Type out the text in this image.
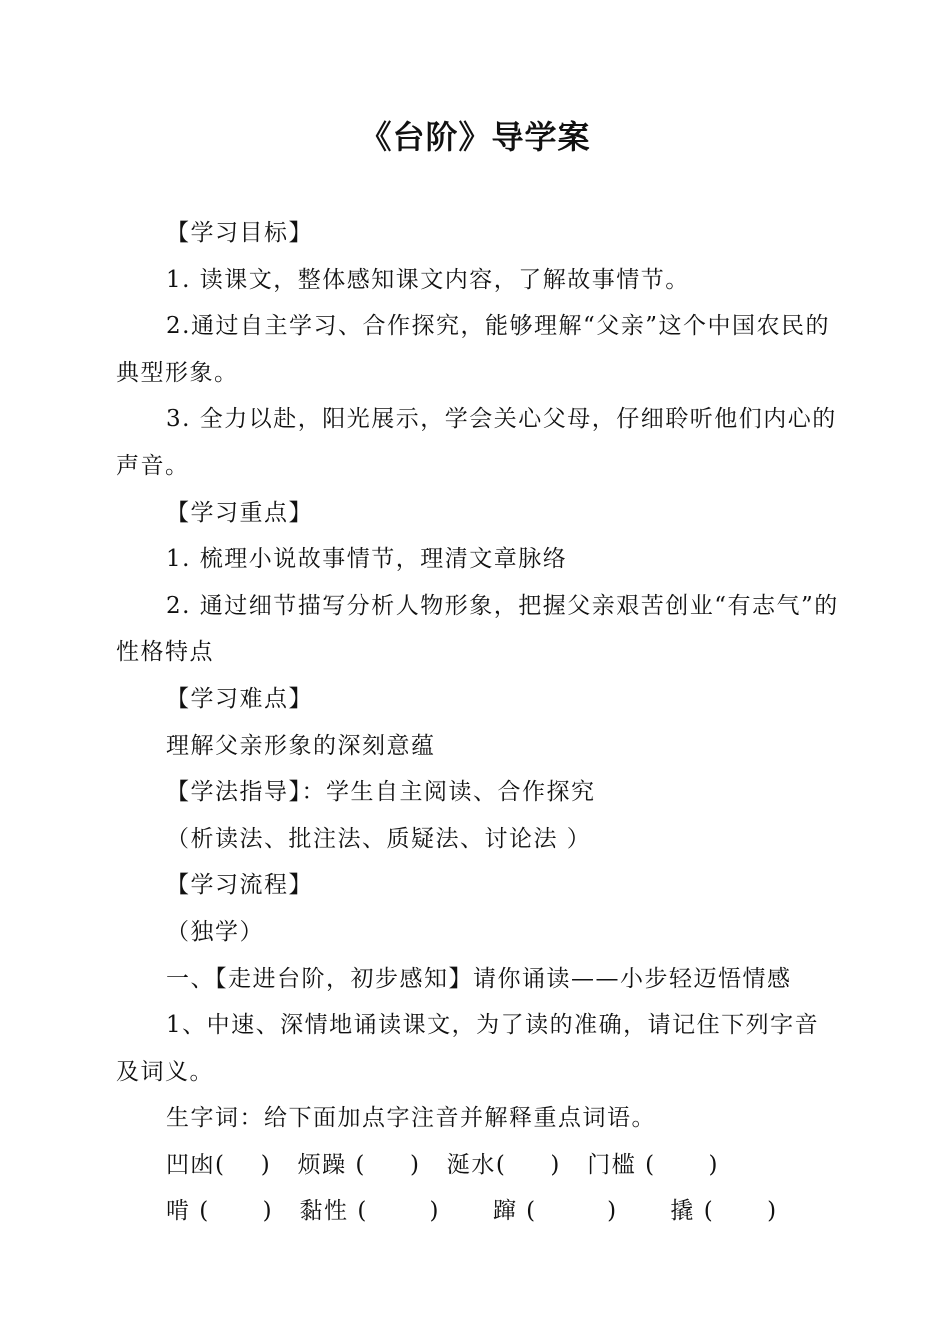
《台阶》导学案

【学习目标】

1. 读课文，整体感知课文内容，了解故事情节。

2.通过自主学习、合作探究，能够理解“父亲”这个中国农民的典型形象。

3. 全力以赴，阳光展示，学会关心父母，仔细聆听他们内心的声音。

【学习重点】

1. 梳理小说故事情节，理清文章脉络

2. 通过细节描写分析人物形象，把握父亲艰苦创业“有志气”的性格特点

【学习难点】

理解父亲形象的深刻意蕴

【学法指导】：学生自主阅读、合作探究

（析读法、批注法、质疑法、讨论法 ）

【学习流程】

（独学）

一、【走进台阶，初步感知】请你诵读——小步轻迈悟情感

1、中速、深情地诵读课文，为了读的准确，请记住下列字音及词义。

生字词：给下面加点字注音并解释重点词语。

凹凼(    )   烦躁 (     )   涎水(     )   门槛 (      )

啃 (      )   黏性 (       )      蹿 (        )      撬 (      )
